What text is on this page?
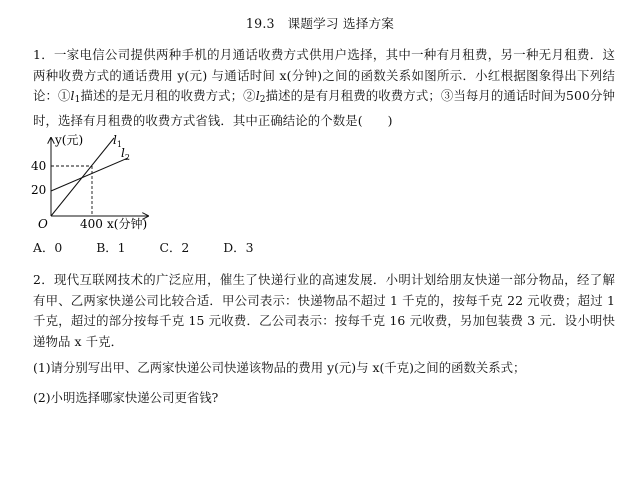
19.3　课题学习 选择方案
1．一家电信公司提供两种手机的月通话收费方式供用户选择，其中一种有月租费，另一种无月租费．这两种收费方式的通话费用 y(元) 与通话时间 x(分钟)之间的函数关系如图所示．小红根据图象得出下列结论：$①l_1$描述的是无月租的收费方式；$②l_2$描述的是有月租费的收费方式；③当每月的通话时间为500分钟时，选择有月租费的收费方式省钱．其中正确结论的个数是(　　)
y(元)
40
20
O	400 x(分钟)
$l_1$
$l_2$
A．0	B．1	C．2	D．3
2．现代互联网技术的广泛应用，催生了快递行业的高速发展．小明计划给朋友快递一部分物品，经了解有甲、乙两家快递公司比较合适．甲公司表示：快递物品不超过 1 千克的，按每千克 22 元收费；超过 1 千克，超过的部分按每千克 15 元收费．乙公司表示：按每千克 16 元收费，另加包装费 3 元．设小明快递物品 x 千克．
(1)请分别写出甲、乙两家快递公司快递该物品的费用 y(元)与 x(千克)之间的函数关系式；
(2)小明选择哪家快递公司更省钱?
